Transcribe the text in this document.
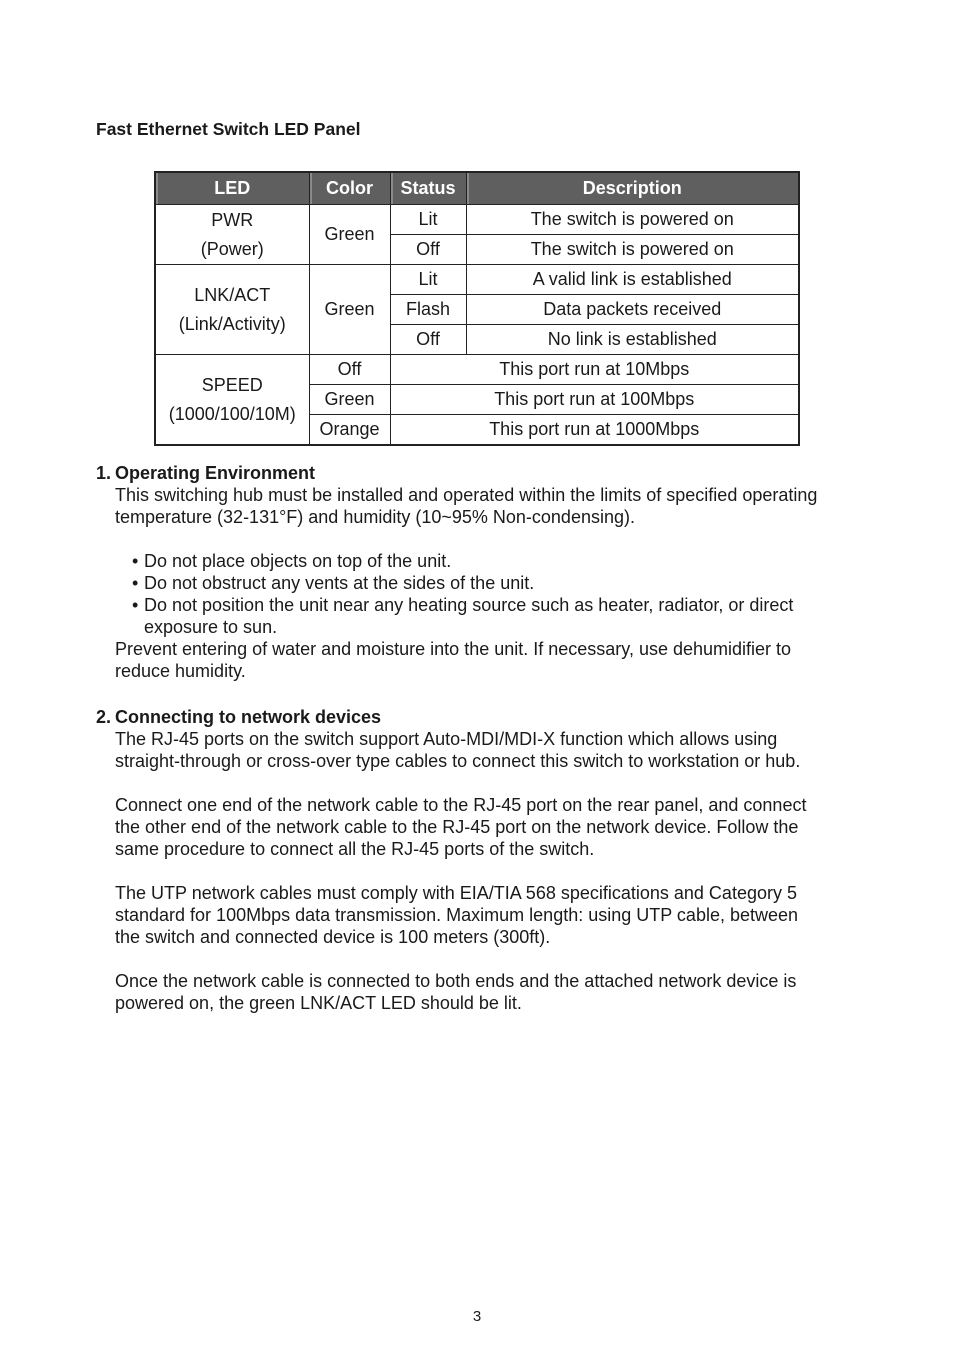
Fast Ethernet Switch LED Panel
LED	Color	Status	Description

PWR
(Power)	Green	Lit	The switch is powered on
		Off	The switch is powered on

LNK/ACT
(Link/Activity)	Green	Lit	A valid link is established
		Flash	Data packets received
		Off	No link is established

SPEED
(1000/100/10M)	Off	This port run at 10Mbps	
	Green	This port run at 100Mbps	
	Orange	This port run at 1000Mbps	
1. Operating Environment

This switching hub must be installed and operated within the limits of specified operating

temperature (32-131°F) and humidity (10~95% Non-condensing).

• Do not place objects on top of the unit.
• Do not obstruct any vents at the sides of the unit.
• Do not position the unit near any heating source such as heater, radiator, or direct
exposure to sun.

Prevent entering of water and moisture into the unit. If necessary, use dehumidifier to

reduce humidity.

2. Connecting to network devices

The RJ-45 ports on the switch support Auto-MDI/MDI-X function which allows using

straight-through or cross-over type cables to connect this switch to workstation or hub.

Connect one end of the network cable to the RJ-45 port on the rear panel, and connect

the other end of the network cable to the RJ-45 port on the network device. Follow the

same procedure to connect all the RJ-45 ports of the switch.

The UTP network cables must comply with EIA/TIA 568 specifications and Category 5

standard for 100Mbps data transmission. Maximum length: using UTP cable, between

the switch and connected device is 100 meters (300ft).

Once the network cable is connected to both ends and the attached network device is

powered on, the green LNK/ACT LED should be lit.

3
